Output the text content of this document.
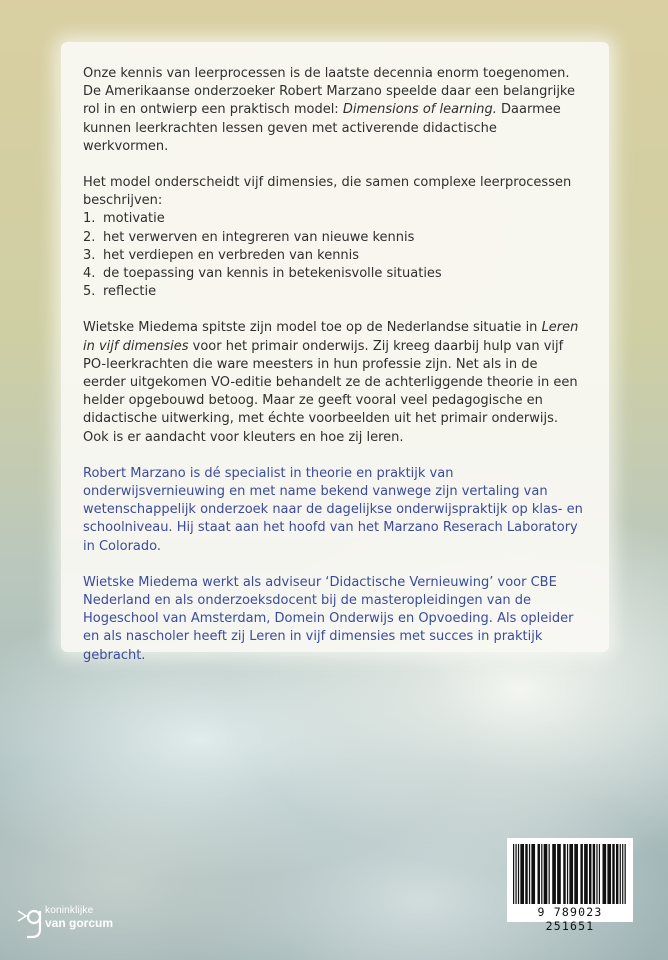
Onze kennis van leerprocessen is de laatste decennia enorm toegenomen. De Amerikaanse onderzoeker Robert Marzano speelde daar een belangrijke rol in en ontwierp een praktisch model: Dimensions of learning. Daarmee kunnen leerkrachten lessen geven met activerende didactische werkvormen.

Het model onderscheidt vijf dimensies, die samen complexe leerprocessen beschrijven:

1. motivatie
2. het verwerven en integreren van nieuwe kennis
3. het verdiepen en verbreden van kennis
4. de toepassing van kennis in betekenisvolle situaties
5. reflectie

Wietske Miedema spitste zijn model toe op de Nederlandse situatie in Leren in vijf dimensies voor het primair onderwijs. Zij kreeg daarbij hulp van vijf PO-leerkrachten die ware meesters in hun professie zijn. Net als in de eerder uitgekomen VO-editie behandelt ze de achterliggende theorie in een helder opgebouwd betoog. Maar ze geeft vooral veel pedagogische en didactische uitwerking, met échte voorbeelden uit het primair onderwijs. Ook is er aandacht voor kleuters en hoe zij leren.

Robert Marzano is dé specialist in theorie en praktijk van onderwijsvernieuwing en met name bekend vanwege zijn vertaling van wetenschappelijk onderzoek naar de dagelijkse onderwijspraktijk op klas- en schoolniveau. Hij staat aan het hoofd van het Marzano Reserach Laboratory in Colorado.

Wietske Miedema werkt als adviseur ‘Didactische Vernieuwing’ voor CBE Nederland en als onderzoeksdocent bij de masteropleidingen van de Hogeschool van Amsterdam, Domein Onderwijs en Opvoeding. Als opleider en als nascholer heeft zij Leren in vijf dimensies met succes in praktijk gebracht.

koninklijke
van gorcum
9 789023 251651
